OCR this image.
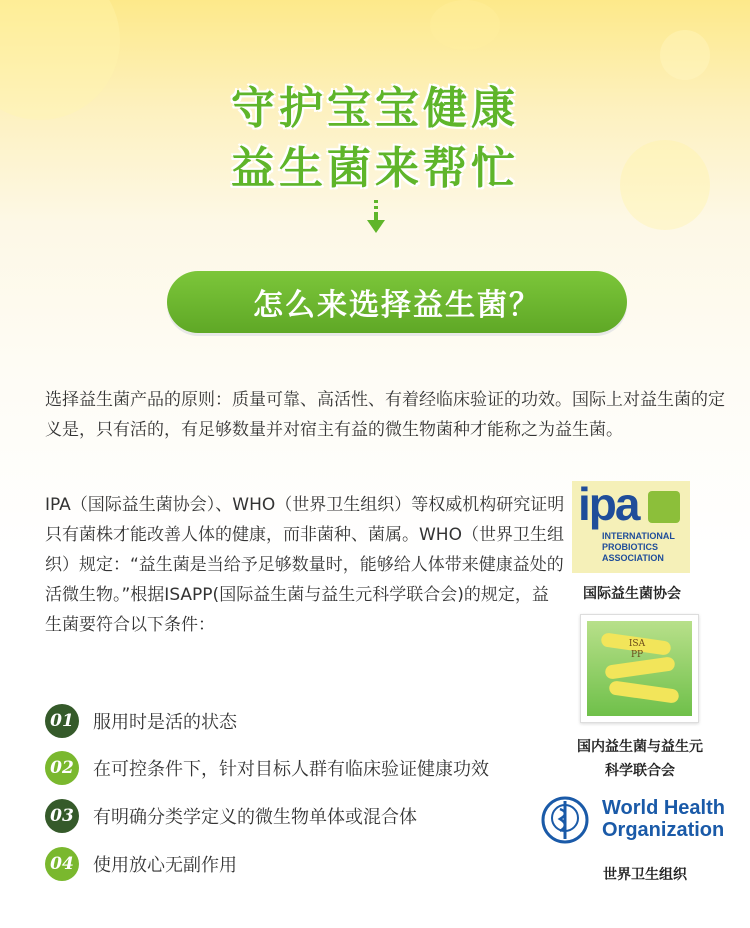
守护宝宝健康
益生菌来帮忙
怎么来选择益生菌？
选择益生菌产品的原则：质量可靠、高活性、有着经临床验证的功效。国际上对益生菌的定义是，只有活的，有足够数量并对宿主有益的微生物菌种才能称之为益生菌。
IPA（国际益生菌协会）、WHO（世界卫生组织）等权威机构研究证明只有菌株才能改善人体的健康，而非菌种、菌属。WHO（世界卫生组织）规定：“益生菌是当给予足够数量时，能够给人体带来健康益处的活微生物。”根据ISAPP(国际益生菌与益生元科学联合会)的规定，益生菌要符合以下条件：
01 服用时是活的状态
02 在可控条件下，针对目标人群有临床验证健康功效
03 有明确分类学定义的微生物单体或混合体
04 使用放心无副作用
ipa
INTERNATIONAL
PROBIOTICS
ASSOCIATION
国际益生菌协会
ISAPP
国内益生菌与益生元
科学联合会
World Health
Organization
世界卫生组织
